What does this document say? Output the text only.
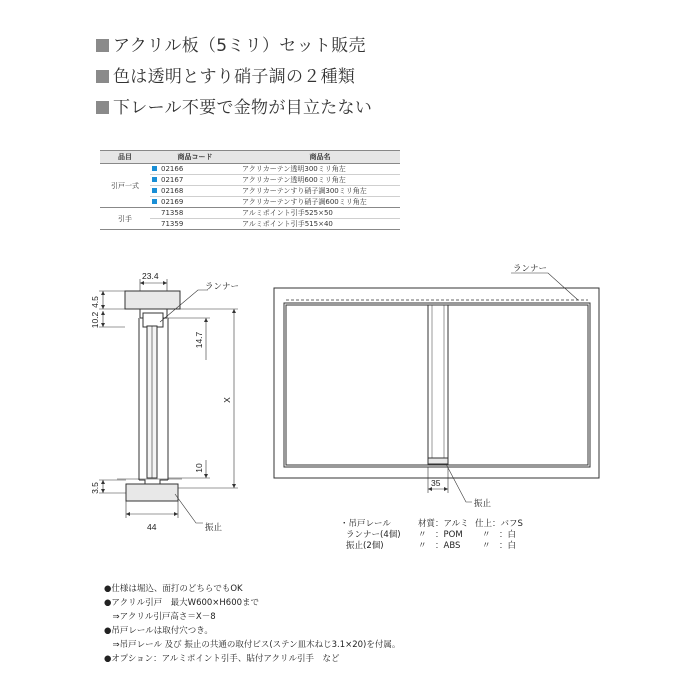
アクリル板（5ミリ）セット販売
色は透明とすり硝子調の２種類
下レール不要で金物が目立たない
品目	商品コード	商品名
引戸一式	02166	アクリカーテン透明300ミリ角左
	02167	アクリカーテン透明600ミリ角左
	02168	アクリカーテンすり硝子調300ミリ角左
	02169	アクリカーテンすり硝子調600ミリ角左
引手	71358	アルミポイント引手525×50
	71359	アルミポイント引手515×40
23.4
4.5
10.2
14.7
X
10
3.5
44
ランナー
振止
ランナー
振止
35
・吊戸レール	材質：アルミ 仕上：バフS
ランナー(4個) 〃　：POM 〃　：白
振止(2個)	〃　：ABS	〃　：白
●仕様は堀込、面打のどちらでもOK
●アクリル引戸　最大W600×H600まで
　⇒アクリル引戸高さ＝X－8
●吊戸レールは取付穴つき。
　⇒吊戸レール 及び 振止の共通の取付ビス(ステン皿木ねじ3.1×20)を付属。
●オプション：アルミポイント引手、貼付アクリル引手　など
